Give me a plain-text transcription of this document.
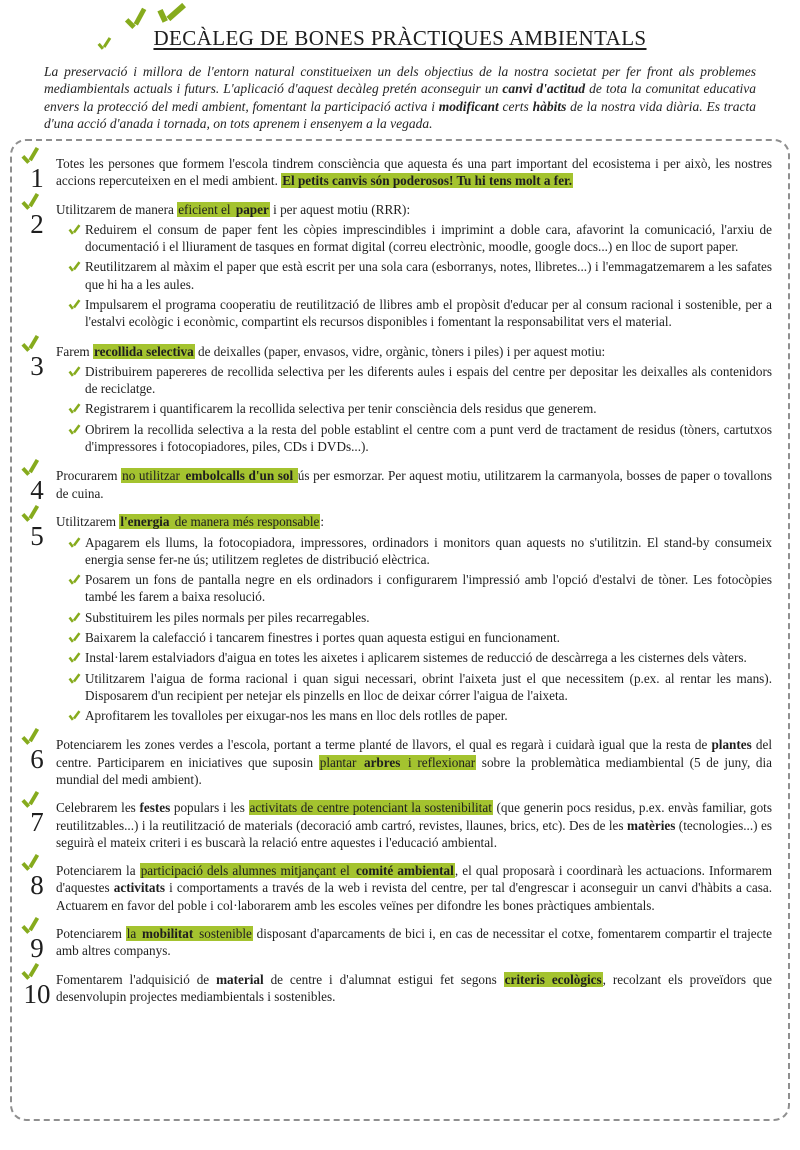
DECÀLEG DE BONES PRÀCTIQUES AMBIENTALS

La preservació i millora de l'entorn natural constitueixen un dels objectius de la nostra societat per fer front als problemes mediambientals actuals i futurs. L'aplicació d'aquest decàleg pretén aconseguir un canvi d'actitud de tota la comunitat educativa envers la protecció del medi ambient, fomentant la participació activa i modificant certs hàbits de la nostra vida diària. Es tracta d'una acció d'anada i tornada, on tots aprenem i ensenyem a la vegada.

1 Totes les persones que formem l'escola tindrem consciència que aquesta és una part important del ecosistema i per això, les nostres accions repercuteixen en el medi ambient. El petits canvis són poderosos! Tu hi tens molt a fer.

2 Utilitzarem de manera eficient el paper i per aquest motiu (RRR):

Reduirem el consum de paper fent les còpies imprescindibles i imprimint a doble cara, afavorint la comunicació, l'arxiu de documentació i el lliurament de tasques en format digital (correu electrònic, moodle, google docs...) en lloc de suport paper.

Reutilitzarem al màxim el paper que està escrit per una sola cara (esborranys, notes, llibretes...) i l'emmagatzemarem a les safates que hi ha a les aules.

Impulsarem el programa cooperatiu de reutilització de llibres amb el propòsit d'educar per al consum racional i sostenible, per a l'estalvi ecològic i econòmic, compartint els recursos disponibles i fomentant la responsabilitat vers el material.

3 Farem recollida selectiva de deixalles (paper, envasos, vidre, orgànic, tòners i piles) i per aquest motiu:

Distribuirem papereres de recollida selectiva per les diferents aules i espais del centre per depositar les deixalles als contenidors de reciclatge.

Registrarem i quantificarem la recollida selectiva per tenir consciència dels residus que generem.

Obrirem la recollida selectiva a la resta del poble establint el centre com a punt verd de tractament de residus (tòners, cartutxos d'impressores i fotocopiadores, piles, CDs i DVDs...).

4 Procurarem no utilitzar embolcalls d'un sol ús per esmorzar. Per aquest motiu, utilitzarem la carmanyola, bosses de paper o tovallons de cuina.

5 Utilitzarem l'energia de manera més responsable:

Apagarem els llums, la fotocopiadora, impressores, ordinadors i monitors quan aquests no s'utilitzin. El stand-by consumeix energia sense fer-ne ús; utilitzem regletes de distribució elèctrica.

Posarem un fons de pantalla negre en els ordinadors i configurarem l'impressió amb l'opció d'estalvi de tòner. Les fotocòpies també les farem a baixa resolució.

Substituirem les piles normals per piles recarregables.

Baixarem la calefacció i tancarem finestres i portes quan aquesta estigui en funcionament.

Instal·larem estalviadors d'aigua en totes les aixetes i aplicarem sistemes de reducció de descàrrega a les cisternes dels vàters.

Utilitzarem l'aigua de forma racional i quan sigui necessari, obrint l'aixeta just el que necessitem (p.ex. al rentar les mans). Disposarem d'un recipient per netejar els pinzells en lloc de deixar córrer l'aigua de l'aixeta.

Aprofitarem les tovalloles per eixugar-nos les mans en lloc dels rotlles de paper.

6 Potenciarem les zones verdes a l'escola, portant a terme planté de llavors, el qual es regarà i cuidarà igual que la resta de plantes del centre. Participarem en iniciatives que suposin plantar arbres i reflexionar sobre la problemàtica mediambiental (5 de juny, dia mundial del medi ambient).

7 Celebrarem les festes populars i les activitats de centre potenciant la sostenibilitat (que generin pocs residus, p.ex. envàs familiar, gots reutilitzables...) i la reutilització de materials (decoració amb cartró, revistes, llaunes, brics, etc). Des de les matèries (tecnologies...) es seguirà el mateix criteri i es buscarà la relació entre aquestes i l'educació ambiental.

8 Potenciarem la participació dels alumnes mitjançant el comité ambiental, el qual proposarà i coordinarà les actuacions. Informarem d'aquestes activitats i comportaments a través de la web i revista del centre, per tal d'engrescar i aconseguir un canvi d'hàbits a casa. Actuarem en favor del poble i col·laborarem amb les escoles veïnes per difondre les bones pràctiques ambientals.

9 Potenciarem la mobilitat sostenible disposant d'aparcaments de bici i, en cas de necessitar el cotxe, fomentarem compartir el trajecte amb altres companys.

10 Fomentarem l'adquisició de material de centre i d'alumnat estigui fet segons criteris ecològics, recolzant els proveïdors que desenvolupin projectes mediambientals i sostenibles.
